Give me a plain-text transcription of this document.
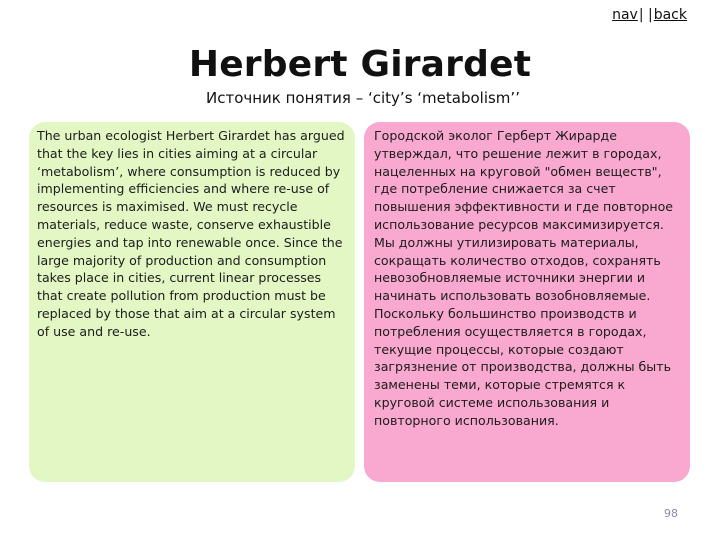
nav| |back
Herbert Girardet
Источник понятия – ‘city’s ‘metabolism’’

The urban ecologist Herbert Girardet has argued that the key lies in cities aiming at a circular ‘metabolism’, where consumption is reduced by implementing efficiencies and where re-use of resources is maximised. We must recycle materials, reduce waste, conserve exhaustible energies and tap into renewable once. Since the large majority of production and consumption takes place in cities, current linear processes that create pollution from production must be replaced by those that aim at a circular system of use and re-use.

Городской эколог Герберт Жирарде утверждал, что решение лежит в городах, нацеленных на круговой "обмен веществ", где потребление снижается за счет повышения эффективности и где повторное использование ресурсов максимизируется. Мы должны утилизировать материалы, сокращать количество отходов, сохранять невозобновляемые источники энергии и начинать использовать возобновляемые. Поскольку большинство производств и потребления осуществляется в городах, текущие процессы, которые создают загрязнение от производства, должны быть заменены теми, которые стремятся к круговой системе использования и повторного использования.

98
